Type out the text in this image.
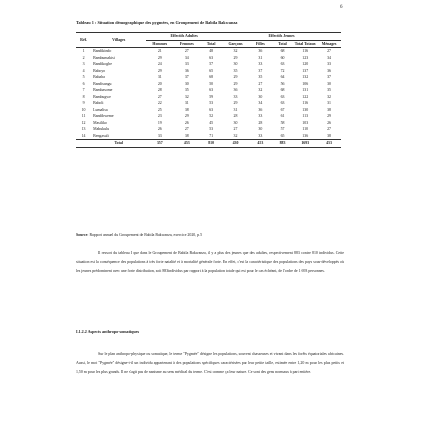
6
Tableau 1 : Situation démographique des pygmées, en Groupement de Babila Bakwanza
Réf.	Villages	Effectifs Adultes			Effectifs Jeunes				
		Hommes	Femmes	Total	Garçons	Filles	Total	Total Totaux	Ménages
1	Bandikindo	21	27	48	32	36	68	116	27
2	Bambumakisi	29	34	63	29	31	60	123	34
3	Bandikogbe	24	33	57	30	33	63	120	33
4	Baboyo	29	36	65	35	37	72	137	36
5	Babaha	31	37	68	29	35	64	132	37
6	Bandisangu	20	30	50	29	27	56	106	30
7	Bambasome	28	35	63	36	32	68	131	35
8	Bambugwe	27	32	59	33	30	63	122	32
9	Baboli	22	31	53	29	34	63	116	31
10	Lumalisa	25	38	63	31	36	67	130	38
11	Bandibweme	23	29	52	28	33	61	113	29
12	Masiliko	19	26	45	30	28	58	103	26
13	Mabukulu	26	27	53	27	30	57	110	27
14	Bengasuli	33	38	71	32	33	65	136	38
	Total	357	453	810	430	453	883	1693	453
Source: Rapport annuel du Groupement de Babila Bakwanza, exercice 2020, p.5
Il ressort du tableau I que dans le Groupement de Babila Bakwanza, il y a plus des jeunes que des adultes, respectivement 883 contre 810 individus. Cette situation est la conséquence des populations à très forte natalité et à mortalité générale forte. En effet, c'est la caractéristique des populations des pays sous-développés où les jeunes prédominent avec une forte distribution, soit 883individus par rapport à la population totale qui est pour le cas échéant, de l'ordre de 1 693 personnes.
I.1.2.2 Aspects anthropo-somatiques
Sur le plan anthropo-physique ou somatique, le terme "Pygmée" désigne les populations, souvent chasseuses et vivant dans les forêts équatoriales africaines. Aussi, le mot "Pygmée" désigne-t-il un individu appartenant à des populations spécifiques caractérisées par leur petite taille, estimée entre 1,20 m pour les plus petits et 1,50 m pour les plus grands. Il ne s'agit pas de nanisme au sens médical du terme. C'est comme ça leur nature. Ce sont des gens normaux à part entière.
